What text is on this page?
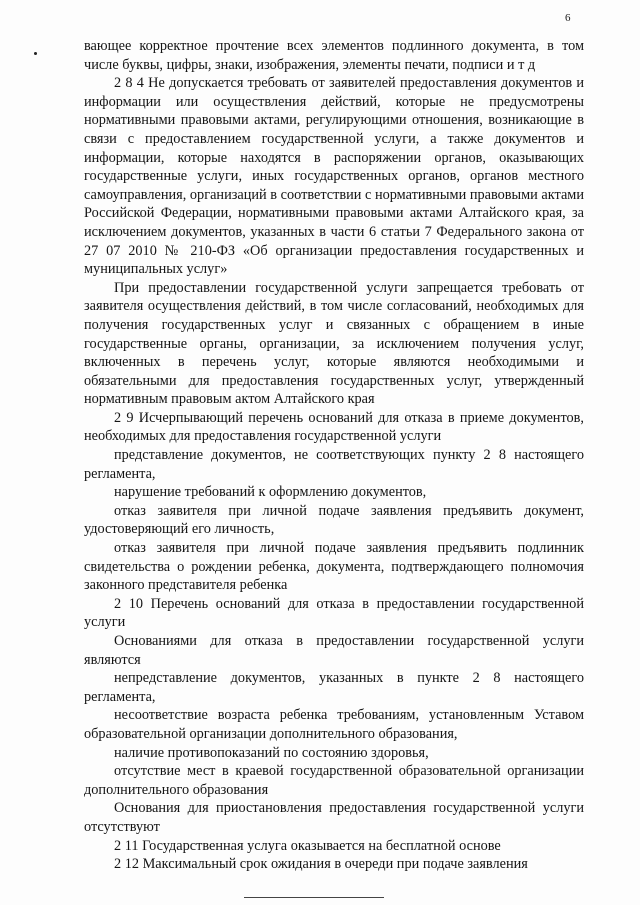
6

вающее корректное прочтение всех элементов подлинного документа, в том числе буквы, цифры, знаки, изображения, элементы печати, подписи и т д

2 8 4 Не допускается требовать от заявителей предоставления документов и информации или осуществления действий, которые не предусмотрены нормативными правовыми актами, регулирующими отношения, возникающие в связи с предоставлением государственной услуги, а также документов и информации, которые находятся в распоряжении органов, оказывающих государственные услуги, иных государственных органов, органов местного самоуправления, организаций в соответствии с нормативными правовыми актами Российской Федерации, нормативными правовыми актами Алтайского края, за исключением документов, указанных в части 6 статьи 7 Федерального закона от 27 07 2010 № 210-ФЗ «Об организации предоставления государственных и муниципальных услуг»

При предоставлении государственной услуги запрещается требовать от заявителя осуществления действий, в том числе согласований, необходимых для получения государственных услуг и связанных с обращением в иные государственные органы, организации, за исключением получения услуг, включенных в перечень услуг, которые являются необходимыми и обязательными для предоставления государственных услуг, утвержденный нормативным правовым актом Алтайского края

2 9 Исчерпывающий перечень оснований для отказа в приеме документов, необходимых для предоставления государственной услуги

представление документов, не соответствующих пункту 2 8 настоящего регламента,

нарушение требований к оформлению документов,

отказ заявителя при личной подаче заявления предъявить документ, удостоверяющий его личность,

отказ заявителя при личной подаче заявления предъявить подлинник свидетельства о рождении ребенка, документа, подтверждающего полномочия законного представителя ребенка

2 10 Перечень оснований для отказа в предоставлении государственной услуги

Основаниями для отказа в предоставлении государственной услуги являются

непредставление документов, указанных в пункте 2 8 настоящего регламента,

несоответствие возраста ребенка требованиям, установленным Уставом образовательной организации дополнительного образования,

наличие противопоказаний по состоянию здоровья,

отсутствие мест в краевой государственной образовательной организации дополнительного образования

Основания для приостановления предоставления государственной услуги отсутствуют

2 11 Государственная услуга оказывается на бесплатной основе

2 12 Максимальный срок ожидания в очереди при подаче заявления
